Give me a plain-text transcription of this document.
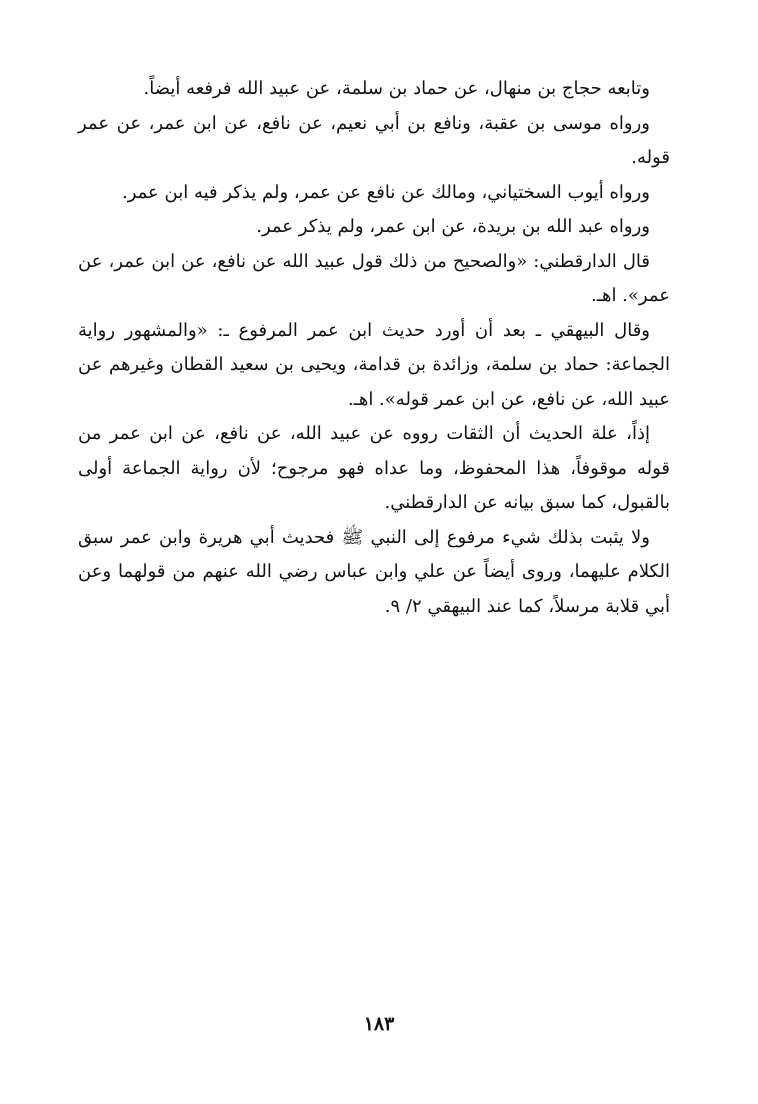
وتابعه حجاج بن منهال، عن حماد بن سلمة، عن عبيد الله فرفعه أيضاً.

ورواه موسى بن عقبة، ونافع بن أبي نعيم، عن نافع، عن ابن عمر، عن عمر قوله.

ورواه أيوب السختياني، ومالك عن نافع عن عمر، ولم يذكر فيه ابن عمر.

ورواه عبد الله بن بريدة، عن ابن عمر، ولم يذكر عمر.

قال الدارقطني: «والصحيح من ذلك قول عبيد الله عن نافع، عن ابن عمر، عن عمر». اهـ.

وقال البيهقي ـ بعد أن أورد حديث ابن عمر المرفوع ـ: «والمشهور رواية الجماعة: حماد بن سلمة، وزائدة بن قدامة، ويحيى بن سعيد القطان وغيرهم عن عبيد الله، عن نافع، عن ابن عمر قوله». اهـ.

إذاً، علة الحديث أن الثقات رووه عن عبيد الله، عن نافع، عن ابن عمر من قوله موقوفاً، هذا المحفوظ، وما عداه فهو مرجوح؛ لأن رواية الجماعة أولى بالقبول، كما سبق بيانه عن الدارقطني.

ولا يثبت بذلك شيء مرفوع إلى النبي ﷺ فحديث أبي هريرة وابن عمر سبق الكلام عليهما، وروى أيضاً عن علي وابن عباس رضي الله عنهم من قولهما وعن أبي قلابة مرسلاً، كما عند البيهقي ٢/ ٩.

١٨٣
